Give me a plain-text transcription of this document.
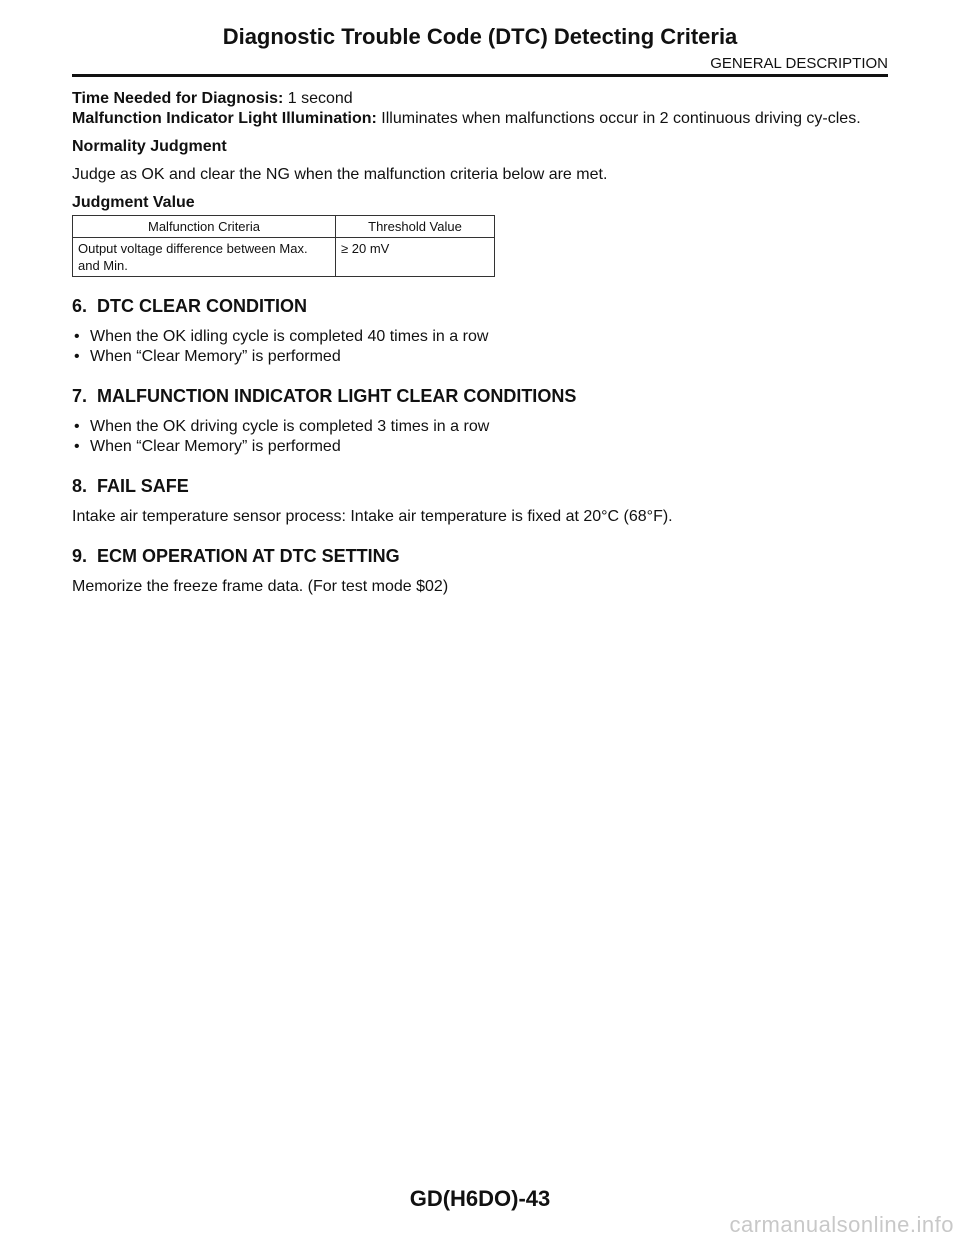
Diagnostic Trouble Code (DTC) Detecting Criteria

GENERAL DESCRIPTION

Time Needed for Diagnosis: 1 second

Malfunction Indicator Light Illumination: Illuminates when malfunctions occur in 2 continuous driving cy-cles.

Normality Judgment

Judge as OK and clear the NG when the malfunction criteria below are met.

Judgment Value

Malfunction Criteria	Threshold Value
Output voltage difference between Max. and Min.	≥ 20 mV
6. DTC CLEAR CONDITION
• When the OK idling cycle is completed 40 times in a row
• When “Clear Memory” is performed
7. MALFUNCTION INDICATOR LIGHT CLEAR CONDITIONS
• When the OK driving cycle is completed 3 times in a row
• When “Clear Memory” is performed
8. FAIL SAFE

Intake air temperature sensor process: Intake air temperature is fixed at 20°C (68°F).

9. ECM OPERATION AT DTC SETTING

Memorize the freeze frame data. (For test mode $02)

GD(H6DO)-43

carmanualsonline.info
